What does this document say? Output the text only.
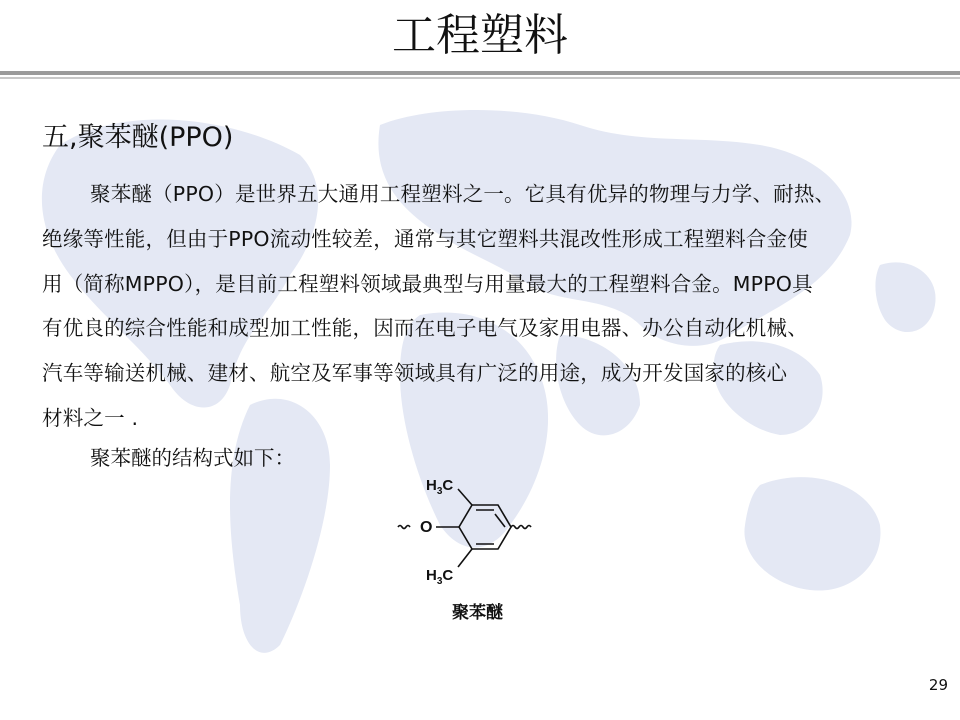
工程塑料
五,聚苯醚(PPO)
聚苯醚（PPO）是世界五大通用工程塑料之一。它具有优异的物理与力学、耐热、
绝缘等性能，但由于PPO流动性较差，通常与其它塑料共混改性形成工程塑料合金使
用（简称MPPO），是目前工程塑料领域最典型与用量最大的工程塑料合金。MPPO具
有优良的综合性能和成型加工性能，因而在电子电气及家用电器、办公自动化机械、
汽车等输送机械、建材、航空及军事等领域具有广泛的用途，成为开发国家的核心
材料之一 .
聚苯醚的结构式如下：
$H_3C$
O
$H_3C$
聚苯醚
29
